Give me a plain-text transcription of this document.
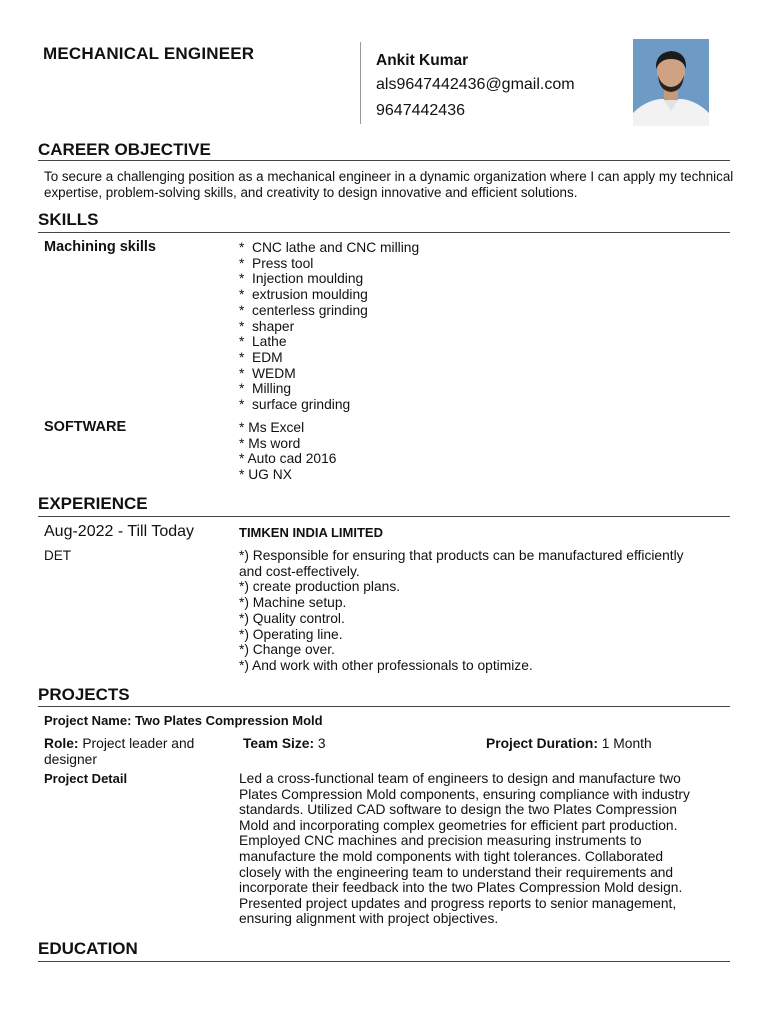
MECHANICAL ENGINEER	Ankit Kumar
als9647442436@gmail.com
9647442436
CAREER OBJECTIVE
To secure a challenging position as a mechanical engineer in a dynamic organization where I can apply my technical expertise, problem-solving skills, and creativity to design innovative and efficient solutions.
SKILLS
Machining skills	* CNC lathe and CNC milling
* Press tool
* Injection moulding
* extrusion moulding
* centerless grinding
* shaper
* Lathe
* EDM
* WEDM
* Milling
* surface grinding
SOFTWARE	* Ms Excel
* Ms word
* Auto cad 2016
* UG NX
EXPERIENCE
Aug-2022 - Till Today	TIMKEN INDIA LIMITED
DET	*) Responsible for ensuring that products can be manufactured efficiently
and cost-effectively.
*) create production plans.
*) Machine setup.
*) Quality control.
*) Operating line.
*) Change over.
*) And work with other professionals to optimize.
PROJECTS
Project Name: Two Plates Compression Mold
Role: Project leader and
designer
Team Size: 3	Project Duration: 1 Month
Project Detail	Led a cross-functional team of engineers to design and manufacture two
Plates Compression Mold components, ensuring compliance with industry
standards. Utilized CAD software to design the two Plates Compression
Mold and incorporating complex geometries for efficient part production.
Employed CNC machines and precision measuring instruments to
manufacture the mold components with tight tolerances. Collaborated
closely with the engineering team to understand their requirements and
incorporate their feedback into the two Plates Compression Mold design.
Presented project updates and progress reports to senior management,
ensuring alignment with project objectives.
EDUCATION
